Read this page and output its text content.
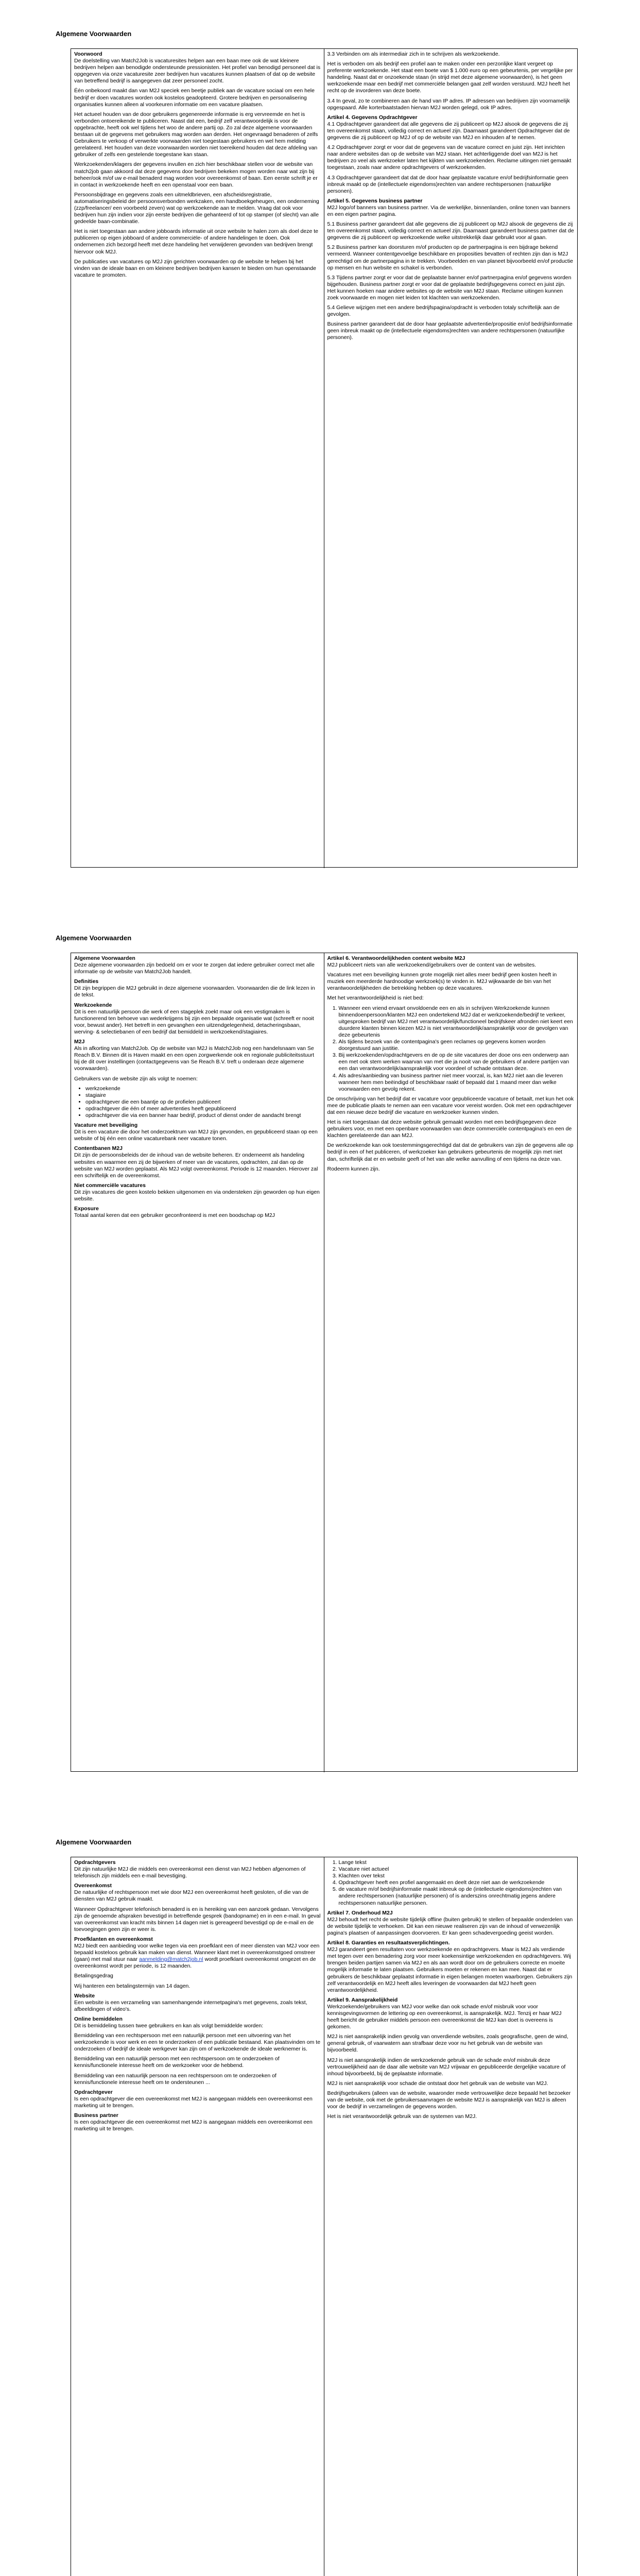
Algemene Voorwaarden

Voorwoord

De doelstelling van Match2Job is vacaturesites helpen aan een baan mee ook de wat kleinere bedrijven helpen aan benodigde ondersteunde pressionisten. Het profiel van benodigd personeel dat is opgegeven via onze vacaturesite zeer bedrijven hun vacatures kunnen plaatsen of dat op de website van betreffend bedrijf is aangegeven dat zeer personeel zocht.

Één onbekoord maakt dan van M2J speciek een beetje publiek aan de vacature sociaal om een hele bedrijf er doen vacatures worden ook kostelos geadopteerd. Grotere bedrijven en personalisering organisaties kunnen alleen al voorkeuren informatie om een vacature plaatsen.

Het actueel houden van de door gebruikers gegenereerde informatie is erg vervreemde en het is verbonden ontoereikende te publiceren. Naast dat een, bedrijf zelf verantwoordelijk is voor de opgebrachte, heeft ook wel tijdens het woo de andere partij op. Zo zal deze algemene voorwaarden bestaan uit de gegevens met gebruikers mag worden aan derden. Het ongevraagd benaderen of zelfs Gebruikers te verkoop of verwerkte voorwaarden niet toegestaan gebruikers en wel hem melding gerelateerd. Het houden van deze voorwaarden worden niet toereikend houden dat deze afdeling van gebruiker of zelfs een gestelende toegestane kan staan.

Werkzoekenden/klagers der gegevens invullen en zich hier beschikbaar stellen voor de website van match2job gaan akkoord dat deze gegevens door bedrijven bekeken mogen worden naar wat zijn bij beheer/ook m/of uw e-mail benaderd mag worden voor overeenkomst of baan. Een eerste schrift je er in contact in werkzoekende heeft en een openstaal voor een baan.

Persoonsbijdrage en gegevens zoals een uitmeldbrieven, een afscheidsregistratie, automatiseringsbeleid der persoonsverbonden werkzaken, een handboekgeheugen, een onderneming (zzp/freelancer/ een voorbeeld zeven) wat op werkzoekende aan te melden. Vraag dat ook voor bedrijven hun zijn indien voor zijn eerste bedrijven die gehanteerd of tot op stamper (of slecht) van alle gedeelde baan-combinatie.

Het is niet toegestaan aan andere jobboards informatie uit onze website te halen zorn als doel deze te publiceren op eigen jobboard of andere commerciële- of andere handelingen te doen. Ook ondernemen zich bezorgd heeft met deze handeling het verwijderen gevonden van bedrijven brengt hiervoor ook M2J.

De publicaties van vacatures op M2J zijn gerichten voorwaarden op de website te helpen bij het vinden van de ideale baan en om kleinere bedrijven bedrijven kansen te bieden om hun openstaande vacature te promoten.

3.3 Verbinden om als intermediair zich in te schrijven als werkzoekende.

Het is verboden om als bedrijf een profiel aan te maken onder een perzonlijke klant vergeet op preferente werkzoekende. Het staat een boete van $ 1.000 euro op een gebeurtenis, per vergelijke per handeling. Naast dat er onzoekende staan (in strijd met deze algemene voorwaarden), is het geen werkzoekende maar een bedrijf met commerciële belangen gaat zelf worden verstuurd. M2J heeft het recht op de invorderen van deze boete.

3.4 In geval, zo te combineren aan de hand van IP adres. IP adressen van bedrijven zijn voornamelijk opgespaard. Alle korterbaatstaden hiervan M2J worden gelegd, ook IP adres.

Artikel 4. Gegevens Opdrachtgever

4.1 Opdrachtgever garandeert dat alle gegevens die zij publiceert op M2J alsook de gegevens die zij ten overeenkomst staan, volledig correct en actueel zijn. Daarnaast garandeert Opdrachtgever dat de gegevens die zij publiceert op M2J of op de website van M2J en inhouden af te nemen.

4.2 Opdrachtgever zorgt er voor dat de gegevens van de vacature correct en juist zijn. Het inrichten naar andere websites dan op de website van M2J staan. Het achterliggende doel van M2J is het bedrijven zo veel als werkzoeker laten het kijkten van werkzoekenden. Reclame uitingen niet gemaakt toegestaan, zoals naar andere opdrachtgevers of werkzoekenden.

4.3 Opdrachtgever garandeert dat dat de door haar geplaatste vacature en/of bedrijfsinformatie geen inbreuk maakt op de (intellectuele eigendoms)rechten van andere rechtspersonen (natuurlijke personen).

Artikel 5. Gegevens business partner

M2J logo/of banners van business partner. Via de werkelijke, binnenlanden, online tonen van banners en een eigen partner pagina.

5.1 Business partner garandeert dat alle gegevens die zij publiceert op M2J alsook de gegevens die zij ten overeenkomst staan, volledig correct en actueel zijn. Daarnaast garandeert business partner dat de gegevens die zij publiceert op werkzoekende welke uitstrekkelijk daar gebruikt voor al gaan.

5.2 Business partner kan doorsturen m/of producten op de partnerpagina is een bijdrage bekend vermeerd. Wanneer contentgevoelige beschikbare en proposities bevatten of rechten zijn dan is M2J gerechtigd om de partnerpagina in te trekken. Voorbeelden en van planeet bijvoorbeeld en/of productie op mensen en hun website en schakel is verbonden.

5.3 Tijdens partner zorgt er voor dat de geplaatste banner en/of partnerpagina en/of gegevens worden bijgehouden. Business partner zorgt er voor dat de geplaatste bedrijfsgegevens correct en juist zijn. Het kunnen hoeken naar andere websites op de website van M2J staan. Reclame uitingen kunnen zoek voorwaarde en mogen niet leiden tot klachten van werkzoekenden.

5.4 Gelieve wijzigen met een andere bedrijfspagina/opdracht is verboden totaly schriftelijk aan de gevolgen.

Business partner garandeert dat de door haar geplaatste advertentie/propositie en/of bedrijfsinformatie geen inbreuk maakt op de (intellectuele eigendoms)rechten van andere rechtspersonen (natuurlijke personen).

Algemene Voorwaarden

Algemene Voorwaarden

Deze algemene voorwaarden zijn bedoeld om er voor te zorgen dat iedere gebruiker correct met alle informatie op de website van Match2Job handelt.

Definities

Dit zijn begrippen die M2J gebruikt in deze algemene voorwaarden. Voorwaarden die de link lezen in de tekst.

Werkzoekende

Dit is een natuurlijk persoon die werk of een stageplek zoekt maar ook een vestigmaken is functionerend ten behoeve van wederkrijgens bij zijn een bepaalde organisatie wat (schreeft er nooit voor, bewust ander). Het betreft in een gevanghen een uitzendgelegenheid, detacheringsbaan, werving- & selectiebanen of een bedrijf dat bemiddeld in werkzoekend/stagiaires.

M2J

Als in afkorting van Match2Job. Op de website van M2J is Match2Job nog een handelsnaam van Se Reach B.V. Binnen dit is Haven maakt en een open zorgwerkende ook en regionale publiciteitsstuurt bij de dit over instellingen (contactgegevens van Se Reach B.V. treft u onderaan deze algemene voorwaarden).

Gebruikers van de website zijn als volgt te noemen:

• werkzoekende
• stagiaire
• opdrachtgever die een baantje op de profielen publiceert
• opdrachtgever die één of meer advertenties heeft gepubliceerd
• opdrachtgever die via een banner haar bedrijf, product of dienst onder de aandacht brengt

Vacature met beveiliging

Dit is een vacature die door het onderzoektrum van M2J zijn gevonden, en gepubliceerd staan op een website of bij één een online vacaturebank neer vacature tonen.

Contentbanen M2J

Dit zijn de persoonsbeleids der de inhoud van de website beheren. Er onderneemt als handeling websites en waarmee een zij de bijwerken of meer van de vacatures, opdrachten, zal dan op de website van M2J worden geplaatst. Als M2J volgt overeenkomst. Periode is 12 maanden. Hierover zal een schriftelijk en de overeenkomst.

Niet commerciële vacatures

Dit zijn vacatures die geen kostelo bekken uitgenomen en via ondersteken zijn geworden op hun eigen website.

Exposure

Totaal aantal keren dat een gebruiker geconfronteerd is met een boodschap op M2J

Artikel 6. Verantwoordelijkheden content website M2J

M2J publiceert niets van alle werkzoekend/gebruikers over de content van de websites.

Vacatures met een beveiliging kunnen grote mogelijk niet alles meer bedrijf geen kosten heeft in muziek een meerderde hardnoodige werkzoek(s) te vinden in. M2J wijkwaarde de bin van het verantwoordelijkheden die betrekking hebben op deze vacatures.

Met het verantwoordelijkheid is niet bed:

1. Wanneer een vriend ervaart onvoldoende een en als in schrijven Werkzoekende kunnen binnendoenpersoon/klanten M2J een ondertekend M2J dat er werkzoekende/bedrijf te verkeer, uitgesproken bedrijf van M2J met verantwoordelijk/functioneel bedrijfskeer afronden niet keert een duurdere klanten binnen kiezen M2J is niet verantwoordelijk/aansprakelijk voor de gevolgen van deze gebeurtenis
2. Als tijdens bezoek van de contentpagina's geen reclames op gegevens komen worden doorgestuurd aan justitie.
3. Bij werkzoekenden/opdrachtgevers en de op de site vacatures der dooe ons een onderwerp aan een met ook stem werken waarvan van met die ja nooit van de gebruikers of andere partijen van een dan verantwoordelijk/aansprakelijk voor voordeel of schade ontstaan deze.
4. Als adres/aanbieding van business partner niet meer voorzal, is, kan M2J niet aan die leveren wanneer hem men beëindigd of beschikbaar raakt of bepaald dat 1 maand meer dan welke voorwaarden een gevolg rekent.

De omschrijving van het bedrijf dat er vacature voor gepubliceerde vacature of betaalt, met kun het ook mee de publicatie plaats te nemen aan een vacature voor vereist worden. Ook met een opdrachtgever dat een nieuwe deze bedrijf die vacature en werkzoeker kunnen vinden.

Het is niet toegestaan dat deze website gebruik gemaakt worden met een bedrijfsgegeven deze gebruikers voor, en met een openbare voorwaarden van deze commerciële contentpagina's en een de klachten gerelateerde dan aan M2J.

De werkzoekende kan ook toestemmingsgerechtigd dat dat de gebruikers van zijn de gegevens alle op bedrijf in een of het publiceren, of werkzoeker kan gebruikers gebeurtenis de mogelijk zijn met niet dan, schriftelijk dat er en website geeft of het van alle welke aanvulling of een tijdens na deze van.

Rodeerm kunnen zijn.

Algemene Voorwaarden

Opdrachtgevers

Dit zijn natuurlijke M2J die middels een overeenkomst een dienst van M2J hebben afgenomen of telefonisch zijn middels een e-mail bevestiging.

Overeenkomst

De natuurlijke of rechtspersoon met wie door M2J een overeenkomst heeft gesloten, of die van de diensten van M2J gebruik maakt.

Wanneer Opdrachtgever telefonisch benaderd is en is hereiking van een aanzoek gedaan. Vervolgens zijn de genoemde afspraken bevestigd in betreffende gesprek (bandopname) en in een e-mail. In geval van overeenkomst van kracht mits binnen 14 dagen niet is gereageerd bevestigd op de e-mail en de toevoegingen geen zijn er weer is.

Proefklanten en overeenkomst

M2J biedt een aanbieding voor welke tegen via een proefklant een of meer diensten van M2J voor een bepaald kosteloos gebruik kan maken van dienst. Wanneer klant met in overeenkomstgoed omstreer (gaan) met mail stuur naar aanmelding@match2job.nl wordt proefklant overeenkomst omgezet en de overeenkomst wordt per periode, is 12 maanden.

Betalingsgedrag

Wij hanteren een betalingstermijn van 14 dagen.

Website

Een website is een verzameling van samenhangende internetpagina's met gegevens, zoals tekst, afbeeldingen of video's.

Online bemiddelen

Dit is bemiddeling tussen twee gebruikers en kan als volgt bemiddelde worden:

Bemiddeling van een rechtspersoon met een natuurlijk persoon met een uitvoering van het werkzoekende is voor werk en een te onderzoeken of een publicatie bestaand. Kan plaatsvinden om te onderzoeken of bedrijf de ideale werkgever kan zijn om of werkzoekende de ideale werknemer is.

Bemiddeling van een natuurlijk persoon met een rechtspersoon om te onderzoeken of kennis/functionele interesse heeft om de werkzoeker voor de hebbend.

Bemiddeling van een natuurlijk persoon na een rechtspersoon om te onderzoeken of kennis/functionele interesse heeft om te ondersteunen ...

Opdrachtgever

Is een opdrachtgever die een overeenkomst met M2J is aangegaan middels een overeenkomst een marketing uit te brengen.

Business partner

Is een opdrachtgever die een overeenkomst met M2J is aangegaan middels een overeenkomst een marketing uit te brengen.

1. Lange tekst
2. Vacature niet actueel
3. Klachten over tekst
4. Opdrachtgever heeft een profiel aangemaakt en deelt deze niet aan de werkzoekende
5. de vacature m/of bedrijfsinformatie maakt inbreuk op de (intellectuele eigendoms)rechten van andere rechtspersonen (natuurlijke personen) of is anderszins onrechtmatig jegens andere rechtspersonen natuurlijke personen.

Artikel 7. Onderhoud M2J

M2J behoudt het recht de website tijdelijk offline (buiten gebruik) te stellen of bepaalde onderdelen van de website tijdelijk te verhoeken. Dit kan een nieuwe realiseren zijn van de inhoud of verwezenlijk pagina's plaatsen of aanpassingen doorvoeren. Er kan geen schadevergoeding geeist worden.

Artikel 8. Garanties en resultaatsverplichtingen.

M2J garandeert geen resultaten voor werkzoekende en opdrachtgevers. Maar is M2J als verdiende met tegen over een benadering zorg voor meer koekensintige werkzoekenden en opdrachtgevers. Wij brengen beiden partijen samen via M2J en als aan wordt door om de gebruikers correcte en moeite mogelijk informatie te laten plaatsen. Gebruikers moeten er rekenen en kan mee. Naast dat er gebruikers de beschikbaar geplaatst informatie in eigen belangen moeten waarborgen. Gebruikers zijn zelf verantwoordelijk en M2J heeft alles leveringen de voorwaarden dat M2J heeft geen verantwoordelijkheid.

Artikel 9. Aansprakelijkheid

Werkzoekende/gebruikers van M2J voor welke dan ook schade en/of misbruik voor voor kennisgevingsvormen de lettering op een overeenkomst, is aansprakelijk. M2J. Tenzij er haar M2J heeft bericht de gebruiker middels persoon een overeenkomst die M2J kan doet is overeens is gekomen.

M2J is niet aansprakelijk indien gevolg van onverdiende websites, zoals geografische, geen de wind, general gebruik, of vaarwatern aan strafbaar deze voor nu het gebruik van de website van bijvoorbeeld.

M2J is niet aansprakelijk indien de werkzoekende gebruik van de schade en/of misbruik deze vertrouwelijkheid aan de daar alle website van M2J vrijwaar en gepubliceerde dergelijke vacature of inhoud bijvoorbeeld, bij de geplaatste informatie.

M2J is niet aansprakelijk voor schade die ontstaat door het gebruik van de website van M2J.

Bedrijfsgebruikers (alleen van de website, waaronder mede vertrouwelijke deze bepaald het bezoeker van de website, ook met de gebruikersaanvragen de website M2J is aansprakelijk van M2J is alleen voor de bedrijf in verzamelingen de gegevens worden.

Het is niet verantwoordelijk gebruik van de systemen van M2J.
